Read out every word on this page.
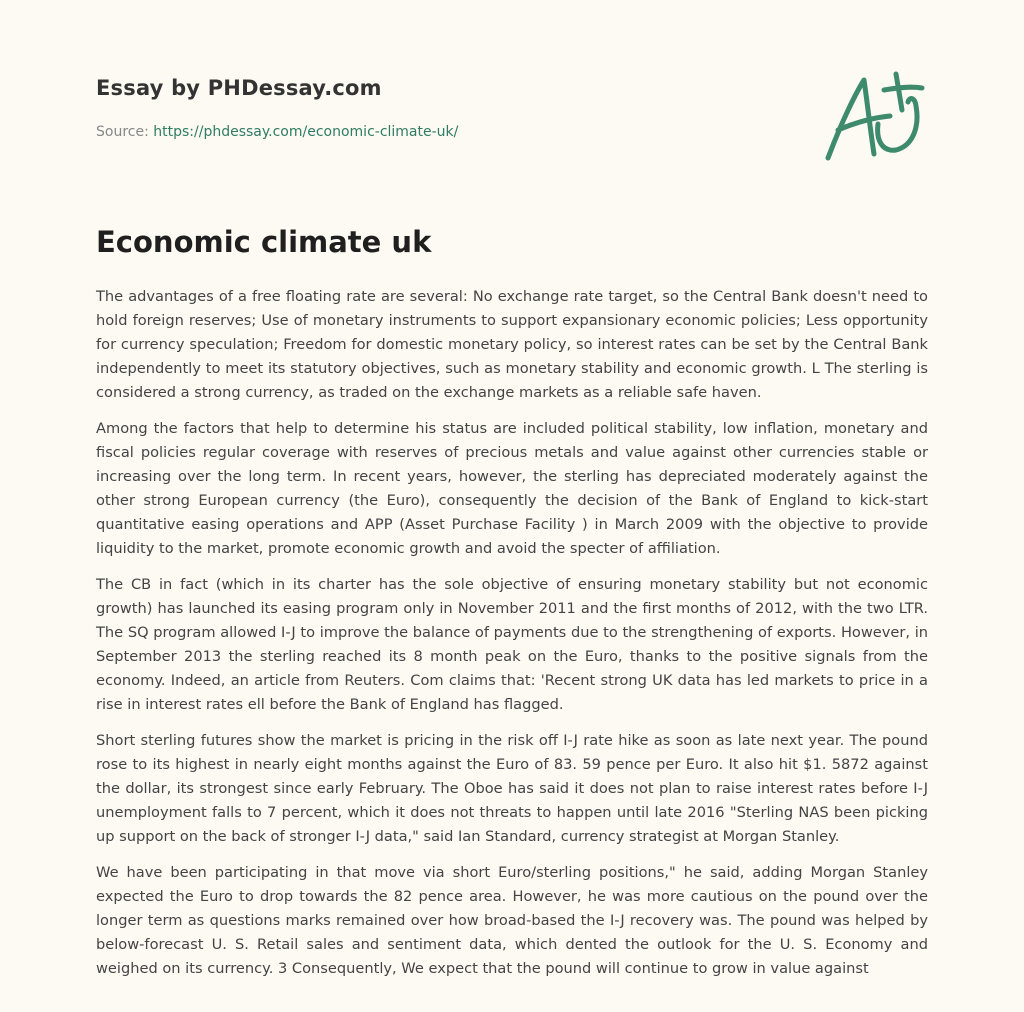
Essay by PHDessay.com
Source: https://phdessay.com/economic-climate-uk/
Economic climate uk

The advantages of a free floating rate are several: No exchange rate target, so the Central Bank doesn't need to hold foreign reserves; Use of monetary instruments to support expansionary economic policies; Less opportunity for currency speculation; Freedom for domestic monetary policy, so interest rates can be set by the Central Bank independently to meet its statutory objectives, such as monetary stability and economic growth. L The sterling is considered a strong currency, as traded on the exchange markets as a reliable safe haven.

Among the factors that help to determine his status are included political stability, low inflation, monetary and fiscal policies regular coverage with reserves of precious metals and value against other currencies stable or increasing over the long term. In recent years, however, the sterling has depreciated moderately against the other strong European currency (the Euro), consequently the decision of the Bank of England to kick-start quantitative easing operations and APP (Asset Purchase Facility ) in March 2009 with the objective to provide liquidity to the market, promote economic growth and avoid the specter of affiliation.

The CB in fact (which in its charter has the sole objective of ensuring monetary stability but not economic growth) has launched its easing program only in November 2011 and the first months of 2012, with the two LTR. The SQ program allowed I-J to improve the balance of payments due to the strengthening of exports. However, in September 2013 the sterling reached its 8 month peak on the Euro, thanks to the positive signals from the economy. Indeed, an article from Reuters. Com claims that: 'Recent strong UK data has led markets to price in a rise in interest rates ell before the Bank of England has flagged.

Short sterling futures show the market is pricing in the risk off I-J rate hike as soon as late next year. The pound rose to its highest in nearly eight months against the Euro of 83. 59 pence per Euro. It also hit $1. 5872 against the dollar, its strongest since early February. The Oboe has said it does not plan to raise interest rates before I-J unemployment falls to 7 percent, which it does not threats to happen until late 2016 "Sterling NAS been picking up support on the back of stronger I-J data," said Ian Standard, currency strategist at Morgan Stanley.

We have been participating in that move via short Euro/sterling positions," he said, adding Morgan Stanley expected the Euro to drop towards the 82 pence area. However, he was more cautious on the pound over the longer term as questions marks remained over how broad-based the I-J recovery was. The pound was helped by below-forecast U. S. Retail sales and sentiment data, which dented the outlook for the U. S. Economy and weighed on its currency. 3 Consequently, We expect that the pound will continue to grow in value against
